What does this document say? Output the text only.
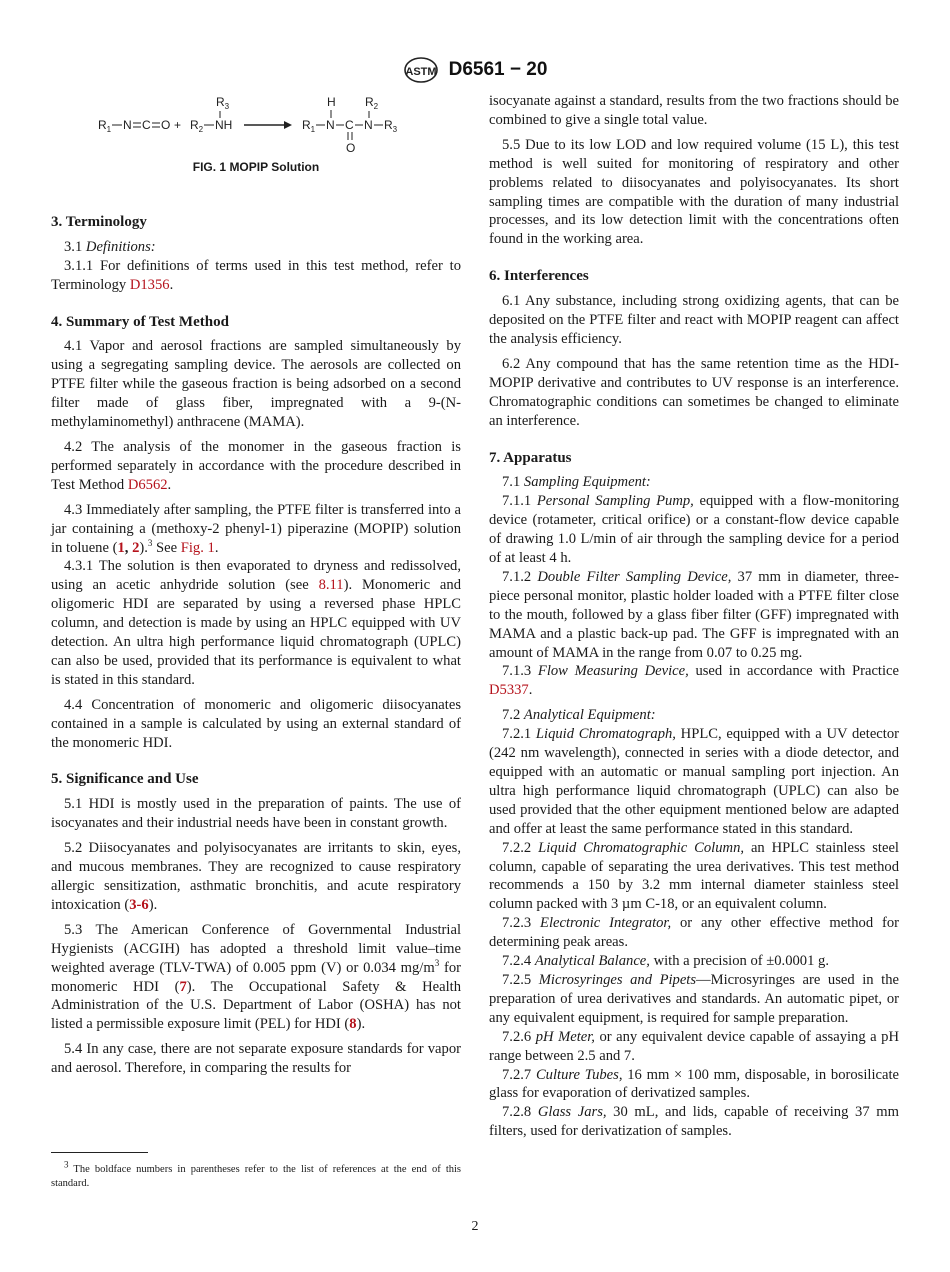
ASTM D6561 − 20
$R_1$ N C $O + R_2$ NH
$R_3$
$R_1$ N
H
C
O
N
$R_2$
$R_3$
FIG. 1 MOPIP Solution
3. Terminology

3.1 Definitions:

3.1.1 For definitions of terms used in this test method, refer to Terminology D1356.

4. Summary of Test Method

4.1 Vapor and aerosol fractions are sampled simultaneously by using a segregating sampling device. The aerosols are collected on PTFE filter while the gaseous fraction is being adsorbed on a second filter made of glass fiber, impregnated with a 9-(N-methylaminomethyl) anthracene (MAMA).

4.2 The analysis of the monomer in the gaseous fraction is performed separately in accordance with the procedure described in Test Method D6562.

4.3 Immediately after sampling, the PTFE filter is transferred into a jar containing a (methoxy-2 phenyl-1) piperazine (MOPIP) solution in toluene (1, 2).$^3$ See Fig. 1.

4.3.1 The solution is then evaporated to dryness and redissolved, using an acetic anhydride solution (see 8.11). Monomeric and oligomeric HDI are separated by using a reversed phase HPLC column, and detection is made by using an HPLC equipped with UV detection. An ultra high performance liquid chromatograph (UPLC) can also be used, provided that its performance is equivalent to what is stated in this standard.

4.4 Concentration of monomeric and oligomeric diisocyanates contained in a sample is calculated by using an external standard of the monomeric HDI.

5. Significance and Use

5.1 HDI is mostly used in the preparation of paints. The use of isocyanates and their industrial needs have been in constant growth.

5.2 Diisocyanates and polyisocyanates are irritants to skin, eyes, and mucous membranes. They are recognized to cause respiratory allergic sensitization, asthmatic bronchitis, and acute respiratory intoxication (3-6).

5.3 The American Conference of Governmental Industrial Hygienists (ACGIH) has adopted a threshold limit value–time weighted average (TLV-TWA) of 0.005 ppm (V) or 0.034 $mg/m^3$ for monomeric HDI (7). The Occupational Safety & Health Administration of the U.S. Department of Labor (OSHA) has not listed a permissible exposure limit (PEL) for HDI (8).

5.4 In any case, there are not separate exposure standards for vapor and aerosol. Therefore, in comparing the results for

$^3$ The boldface numbers in parentheses refer to the list of references at the end of this standard.

isocyanate against a standard, results from the two fractions should be combined to give a single total value.

5.5 Due to its low LOD and low required volume (15 L), this test method is well suited for monitoring of respiratory and other problems related to diisocyanates and polyisocyanates. Its short sampling times are compatible with the duration of many industrial processes, and its low detection limit with the concentrations often found in the working area.

6. Interferences

6.1 Any substance, including strong oxidizing agents, that can be deposited on the PTFE filter and react with MOPIP reagent can affect the analysis efficiency.

6.2 Any compound that has the same retention time as the HDI-MOPIP derivative and contributes to UV response is an interference. Chromatographic conditions can sometimes be changed to eliminate an interference.

7. Apparatus

7.1 Sampling Equipment:

7.1.1 Personal Sampling Pump, equipped with a flow-monitoring device (rotameter, critical orifice) or a constant-flow device capable of drawing 1.0 L/min of air through the sampling device for a period of at least 4 h.

7.1.2 Double Filter Sampling Device, 37 mm in diameter, three-piece personal monitor, plastic holder loaded with a PTFE filter close to the mouth, followed by a glass fiber filter (GFF) impregnated with MAMA and a plastic back-up pad. The GFF is impregnated with an amount of MAMA in the range from 0.07 to 0.25 mg.

7.1.3 Flow Measuring Device, used in accordance with Practice D5337.

7.2 Analytical Equipment:

7.2.1 Liquid Chromatograph, HPLC, equipped with a UV detector (242 nm wavelength), connected in series with a diode detector, and equipped with an automatic or manual sampling port injection. An ultra high performance liquid chromatograph (UPLC) can also be used provided that the other equipment mentioned below are adapted and offer at least the same performance stated in this standard.

7.2.2 Liquid Chromatographic Column, an HPLC stainless steel column, capable of separating the urea derivatives. This test method recommends a 150 by 3.2 mm internal diameter stainless steel column packed with 3 µm C-18, or an equivalent column.

7.2.3 Electronic Integrator, or any other effective method for determining peak areas.

7.2.4 Analytical Balance, with a precision of ±0.0001 g.

7.2.5 Microsyringes and Pipets—Microsyringes are used in the preparation of urea derivatives and standards. An automatic pipet, or any equivalent equipment, is required for sample preparation.

7.2.6 pH Meter, or any equivalent device capable of assaying a pH range between 2.5 and 7.

7.2.7 Culture Tubes, 16 mm × 100 mm, disposable, in borosilicate glass for evaporation of derivatized samples.

7.2.8 Glass Jars, 30 mL, and lids, capable of receiving 37 mm filters, used for derivatization of samples.

2
